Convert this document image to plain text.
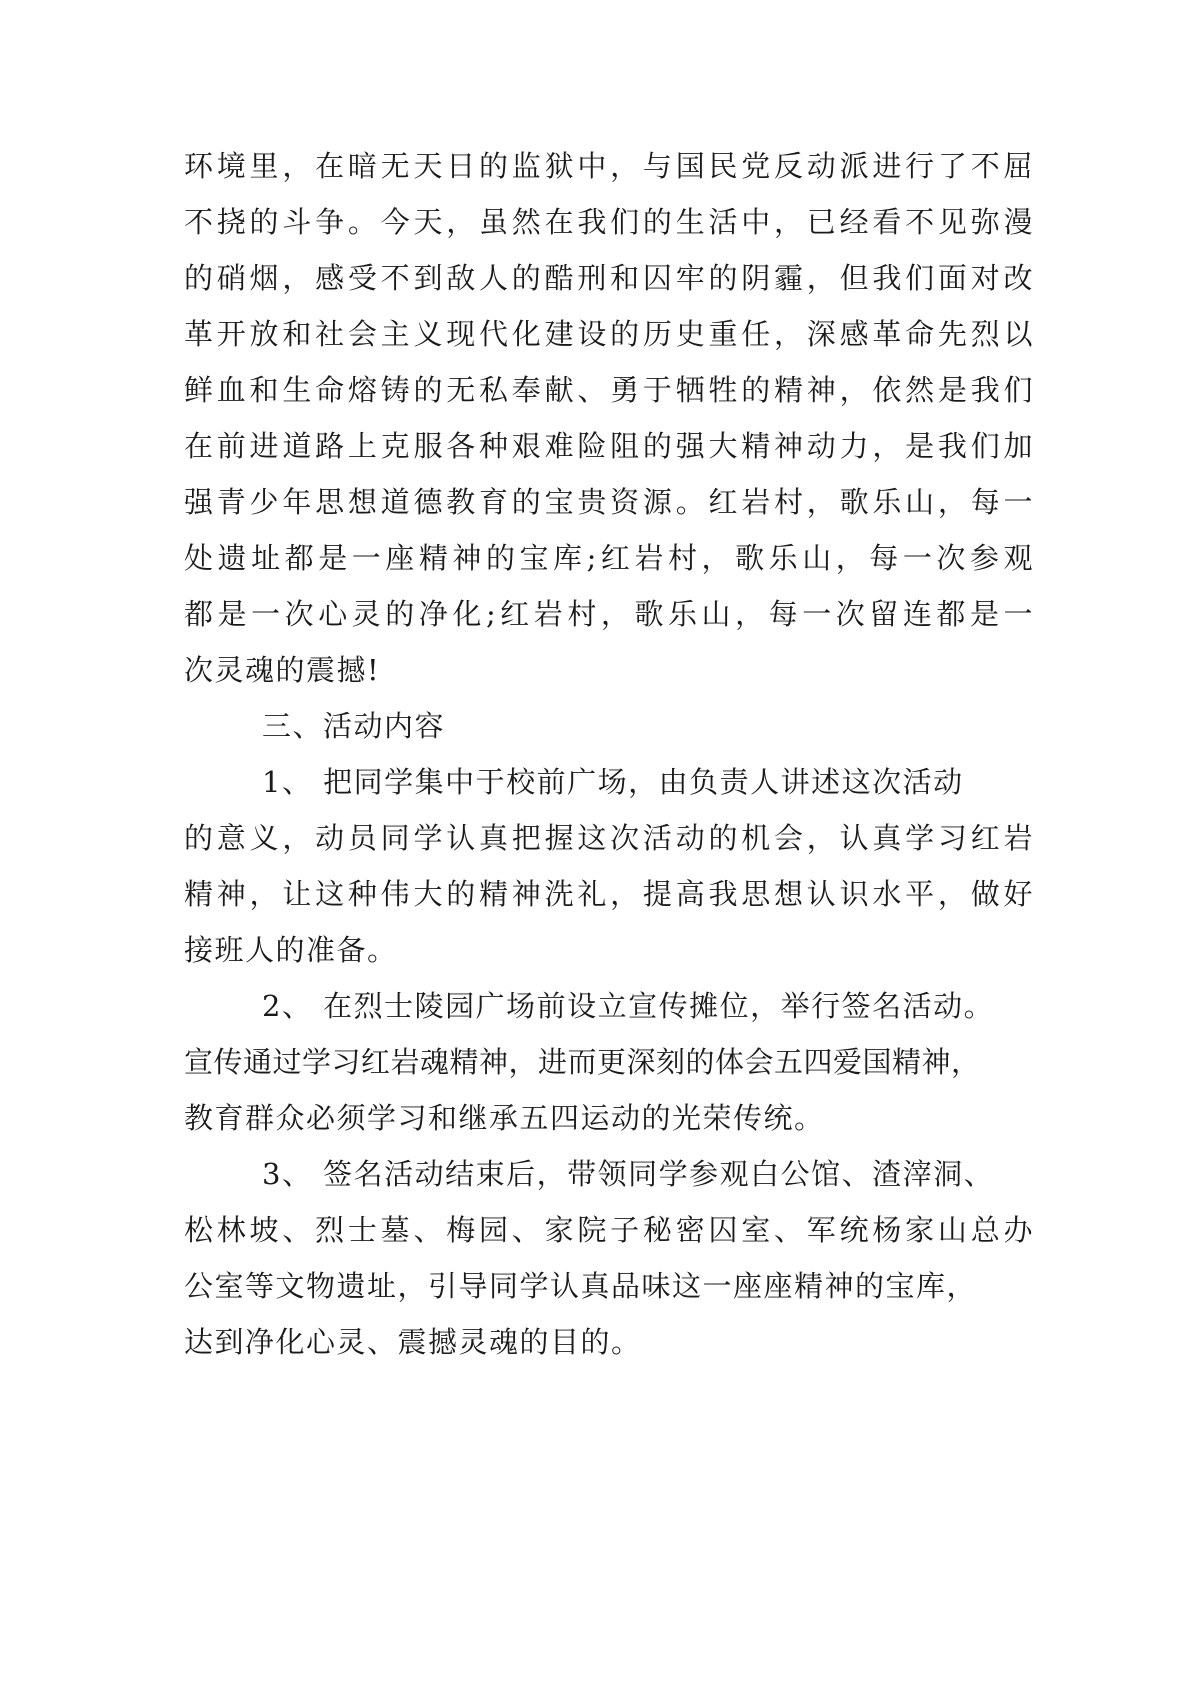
环境里，在暗无天日的监狱中，与国民党反动派进行了不屈
不挠的斗争。今天，虽然在我们的生活中，已经看不见弥漫
的硝烟，感受不到敌人的酷刑和囚牢的阴霾，但我们面对改
革开放和社会主义现代化建设的历史重任，深感革命先烈以
鲜血和生命熔铸的无私奉献、勇于牺牲的精神，依然是我们
在前进道路上克服各种艰难险阻的强大精神动力，是我们加
强青少年思想道德教育的宝贵资源。红岩村，歌乐山，每一
处遗址都是一座精神的宝库;红岩村，歌乐山，每一次参观
都是一次心灵的净化;红岩村，歌乐山，每一次留连都是一
次灵魂的震撼!
三、活动内容
1、 把同学集中于校前广场，由负责人讲述这次活动
的意义，动员同学认真把握这次活动的机会，认真学习红岩
精神，让这种伟大的精神洗礼，提高我思想认识水平，做好
接班人的准备。
2、 在烈士陵园广场前设立宣传摊位，举行签名活动。
宣传通过学习红岩魂精神，进而更深刻的体会五四爱国精神，
教育群众必须学习和继承五四运动的光荣传统。
3、 签名活动结束后，带领同学参观白公馆、渣滓洞、
松林坡、烈士墓、梅园、家院子秘密囚室、军统杨家山总办
公室等文物遗址，引导同学认真品味这一座座精神的宝库，
达到净化心灵、震撼灵魂的目的。
